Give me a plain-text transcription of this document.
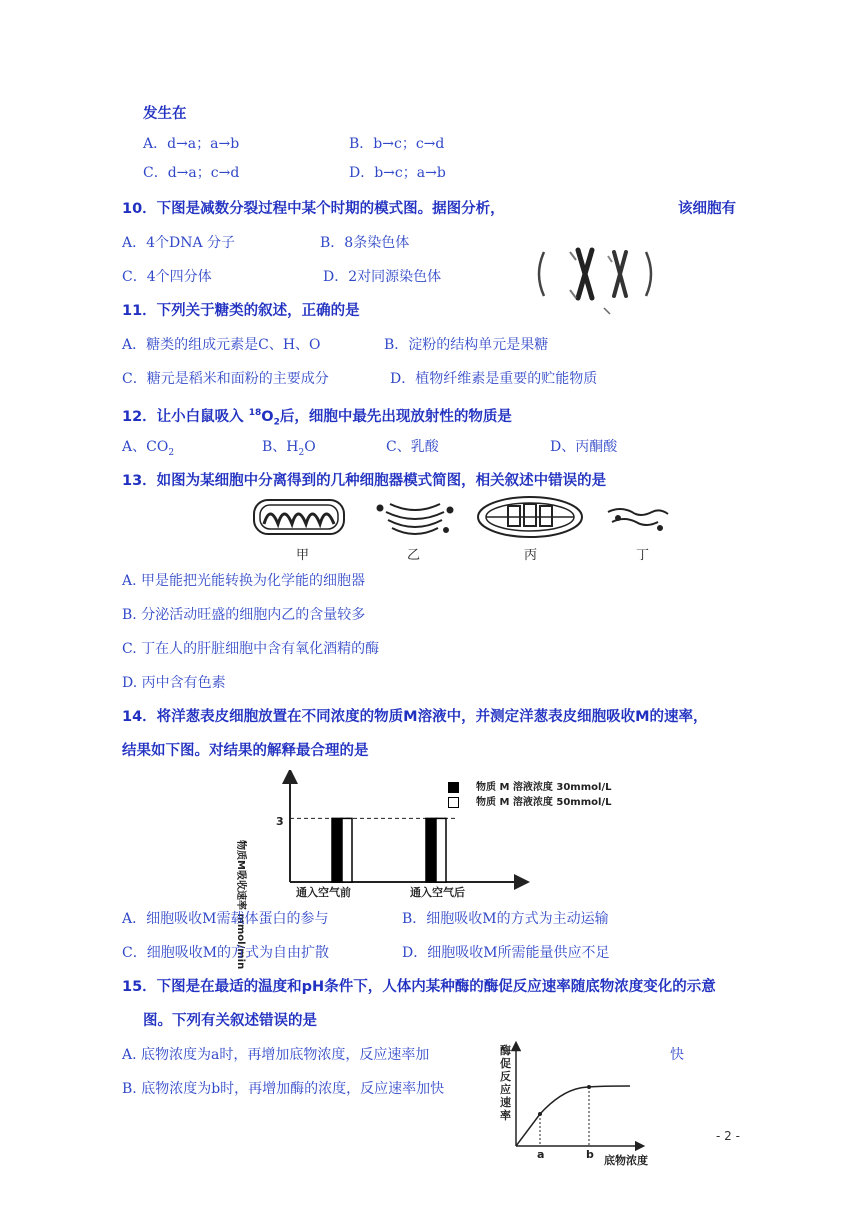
发生在
A．d→a；a→b	B．b→c；c→d
C．d→a；c→d	D．b→c；a→b
10．下图是减数分裂过程中某个时期的模式图。据图分析，	该细胞有
A．4个DNA 分子	B．8条染色体
C．4个四分体	D．2对同源染色体
11．下列关于糖类的叙述，正确的是
A．糖类的组成元素是C、H、O	B．淀粉的结构单元是果糖
C．糖元是稻米和面粉的主要成分	D．植物纤维素是重要的贮能物质
12．让小白鼠吸入 $^{18}O_2$后，细胞中最先出现放射性的物质是
A、$CO_2$	B、$H_2O$	C、乳酸	D、丙酮酸
13．如图为某细胞中分离得到的几种细胞器模式简图，相关叙述中错误的是
甲	乙	丙	丁
A. 甲是能把光能转换为化学能的细胞器
B. 分泌活动旺盛的细胞内乙的含量较多
C. 丁在人的肝脏细胞中含有氧化酒精的酶
D. 丙中含有色素
14．将洋葱表皮细胞放置在不同浓度的物质M溶液中，并测定洋葱表皮细胞吸收M的速率，
结果如下图。对结果的解释最合理的是
物质M吸收速率 mmol/min
3
通入空气前	通入空气后
物质 M 溶液浓度 30mmol/L
物质 M 溶液浓度 50mmol/L
A．细胞吸收M需载体蛋白的参与	B．细胞吸收M的方式为主动运输
C．细胞吸收M的方式为自由扩散	D．细胞吸收M所需能量供应不足
15．下图是在最适的温度和pH条件下，人体内某种酶的酶促反应速率随底物浓度变化的示意
图。下列有关叙述错误的是
A. 底物浓度为a时，再增加底物浓度，反应速率加	快
B. 底物浓度为b时，再增加酶的浓度，反应速率加快
酶促反应速率
a	b 底物浓度
- 2 -
